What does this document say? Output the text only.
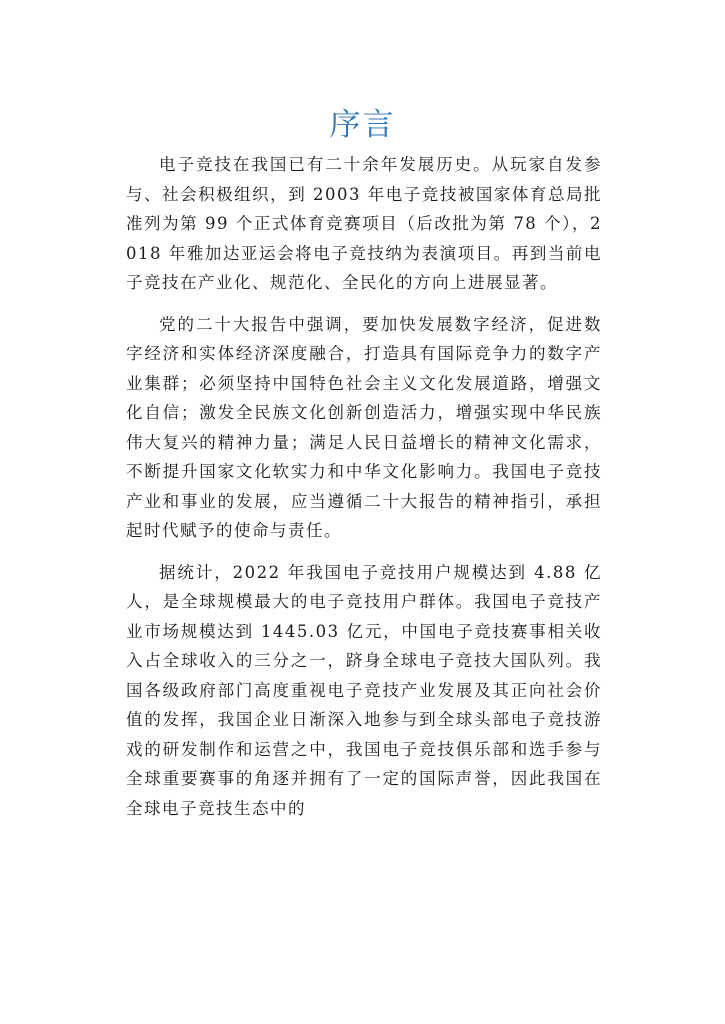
序言

电子竞技在我国已有二十余年发展历史。从玩家自发参与、社会积极组织，到 2003 年电子竞技被国家体育总局批准列为第 99 个正式体育竞赛项目（后改批为第 78 个），2018 年雅加达亚运会将电子竞技纳为表演项目。再到当前电子竞技在产业化、规范化、全民化的方向上进展显著。

党的二十大报告中强调，要加快发展数字经济，促进数字经济和实体经济深度融合，打造具有国际竞争力的数字产业集群；必须坚持中国特色社会主义文化发展道路，增强文化自信；激发全民族文化创新创造活力，增强实现中华民族伟大复兴的精神力量；满足人民日益增长的精神文化需求，不断提升国家文化软实力和中华文化影响力。我国电子竞技产业和事业的发展，应当遵循二十大报告的精神指引，承担起时代赋予的使命与责任。

据统计，2022 年我国电子竞技用户规模达到 4.88 亿人，是全球规模最大的电子竞技用户群体。我国电子竞技产业市场规模达到 1445.03 亿元，中国电子竞技赛事相关收入占全球收入的三分之一，跻身全球电子竞技大国队列。我国各级政府部门高度重视电子竞技产业发展及其正向社会价值的发挥，我国企业日渐深入地参与到全球头部电子竞技游戏的研发制作和运营之中，我国电子竞技俱乐部和选手参与全球重要赛事的角逐并拥有了一定的国际声誉，因此我国在全球电子竞技生态中的
